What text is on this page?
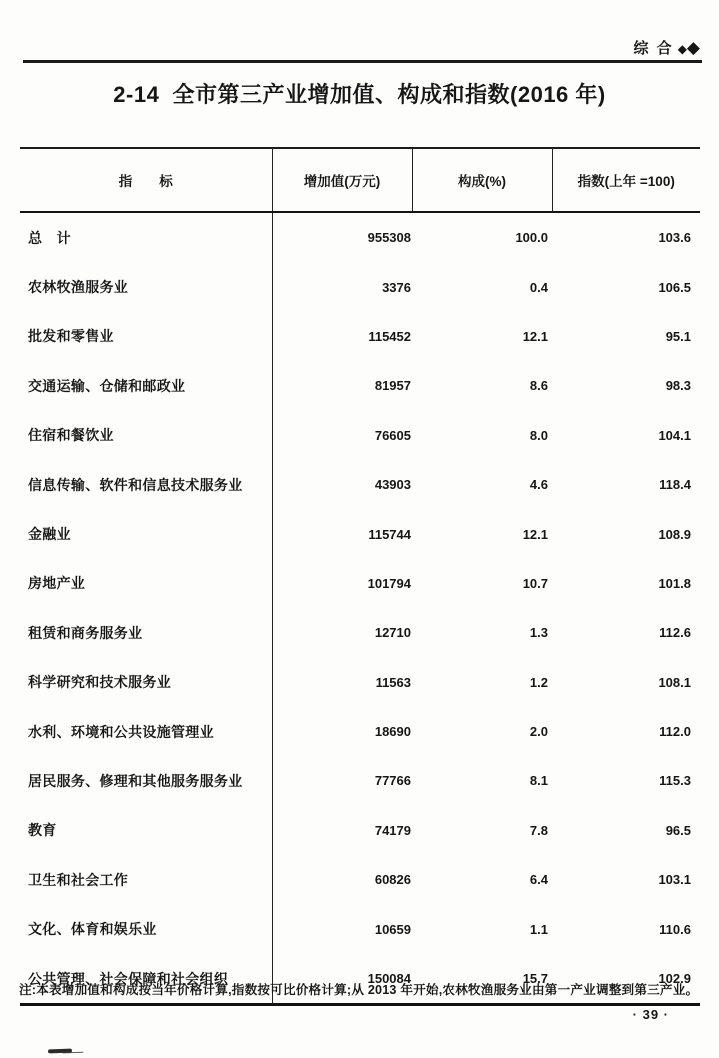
综 合 ◆ ◆
2-14  全市第三产业增加值、构成和指数(2016 年)
指　　标	增加值(万元)	构成(%)	指数(上年 =100)
总　计	955308	100.0	103.6
农林牧渔服务业	3376	0.4	106.5
批发和零售业	115452	12.1	95.1
交通运输、仓储和邮政业	81957	8.6	98.3
住宿和餐饮业	76605	8.0	104.1
信息传输、软件和信息技术服务业	43903	4.6	118.4
金融业	115744	12.1	108.9
房地产业	101794	10.7	101.8
租赁和商务服务业	12710	1.3	112.6
科学研究和技术服务业	11563	1.2	108.1
水利、环境和公共设施管理业	18690	2.0	112.0
居民服务、修理和其他服务服务业	77766	8.1	115.3
教育	74179	7.8	96.5
卫生和社会工作	60826	6.4	103.1
文化、体育和娱乐业	10659	1.1	110.6
公共管理、社会保障和社会组织	150084	15.7	102.9

注:本表增加值和构成按当年价格计算,指数按可比价格计算;从 2013 年开始,农林牧渔服务业由第一产业调整到第三产业。

· 39 ·
